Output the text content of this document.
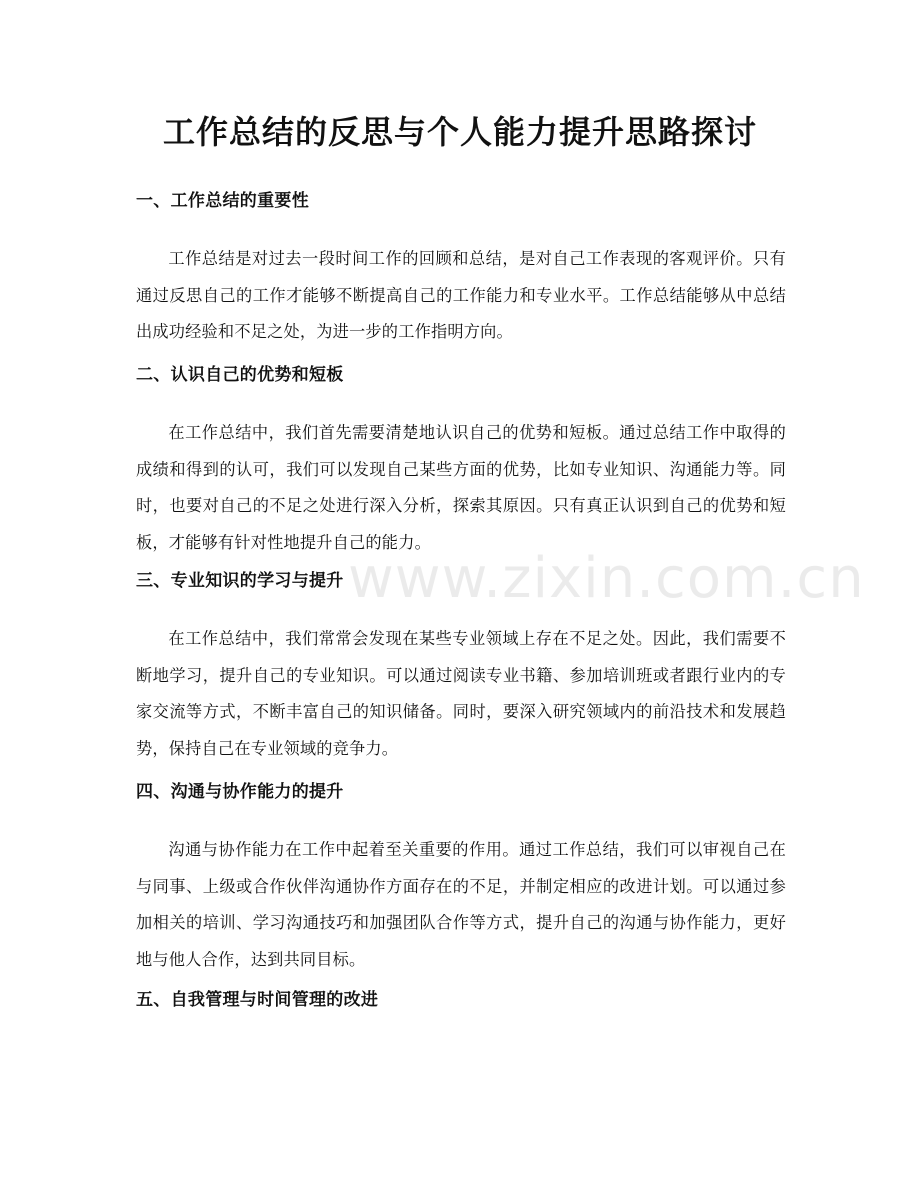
工作总结的反思与个人能力提升思路探讨
一、工作总结的重要性

工作总结是对过去一段时间工作的回顾和总结，是对自己工作表现的客观评价。只有通过反思自己的工作才能够不断提高自己的工作能力和专业水平。工作总结能够从中总结出成功经验和不足之处，为进一步的工作指明方向。

二、认识自己的优势和短板

在工作总结中，我们首先需要清楚地认识自己的优势和短板。通过总结工作中取得的成绩和得到的认可，我们可以发现自己某些方面的优势，比如专业知识、沟通能力等。同时，也要对自己的不足之处进行深入分析，探索其原因。只有真正认识到自己的优势和短板，才能够有针对性地提升自己的能力。

三、专业知识的学习与提升

在工作总结中，我们常常会发现在某些专业领域上存在不足之处。因此，我们需要不断地学习，提升自己的专业知识。可以通过阅读专业书籍、参加培训班或者跟行业内的专家交流等方式，不断丰富自己的知识储备。同时，要深入研究领域内的前沿技术和发展趋势，保持自己在专业领域的竞争力。

四、沟通与协作能力的提升

沟通与协作能力在工作中起着至关重要的作用。通过工作总结，我们可以审视自己在与同事、上级或合作伙伴沟通协作方面存在的不足，并制定相应的改进计划。可以通过参加相关的培训、学习沟通技巧和加强团队合作等方式，提升自己的沟通与协作能力，更好地与他人合作，达到共同目标。

五、自我管理与时间管理的改进
www.zixin.com.cn
